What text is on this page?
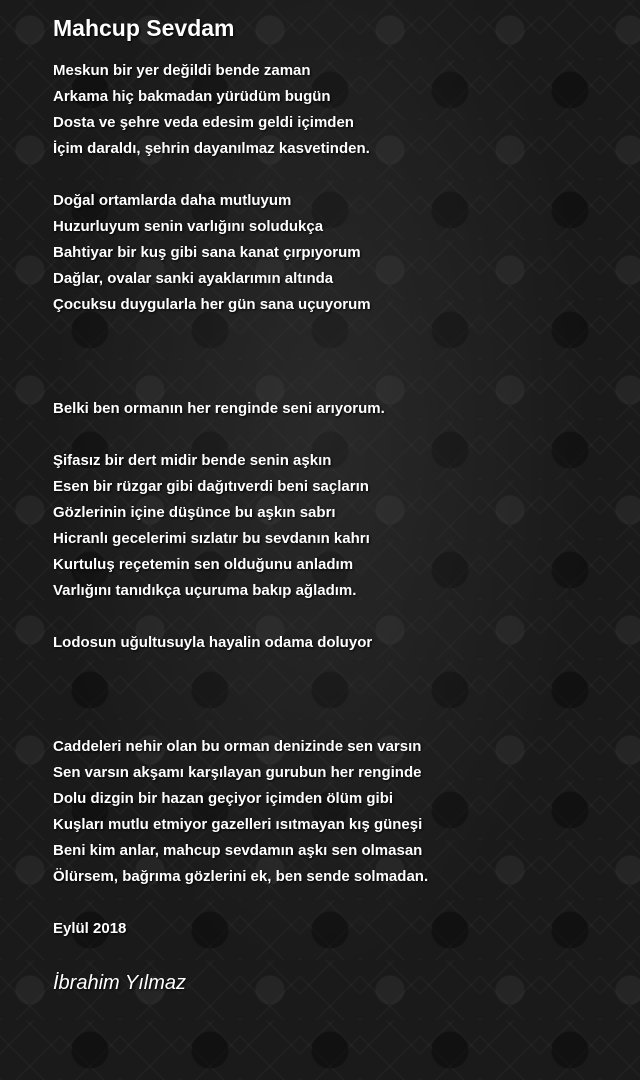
Mahcup Sevdam
Meskun bir yer değildi bende zaman
Arkama hiç bakmadan yürüdüm bugün
Dosta ve şehre veda edesim geldi içimden
İçim daraldı, şehrin dayanılmaz kasvetinden.
Doğal ortamlarda daha mutluyum
Huzurluyum senin varlığını soludukça
Bahtiyar bir kuş gibi sana kanat çırpıyorum
Dağlar, ovalar sanki ayaklarımın altında
Çocuksu duygularla her gün sana uçuyorum
Belki ben ormanın her renginde seni arıyorum.
Şifasız bir dert midir bende senin aşkın
Esen bir rüzgar gibi dağıtıverdi beni saçların
Gözlerinin içine düşünce bu aşkın sabrı
Hicranlı gecelerimi sızlatır bu sevdanın kahrı
Kurtuluş reçetemin sen olduğunu anladım
Varlığını tanıdıkça uçuruma bakıp ağladım.
Lodosun uğultusuyla hayalin odama doluyor
Caddeleri nehir olan bu orman denizinde sen varsın
Sen varsın akşamı karşılayan gurubun her renginde
Dolu dizgin bir hazan geçiyor içimden ölüm gibi
Kuşları mutlu etmiyor gazelleri ısıtmayan kış güneşi
Beni kim anlar, mahcup sevdamın aşkı sen olmasan
Ölürsem, bağrıma gözlerini ek, ben sende solmadan.
Eylül 2018
İbrahim Yılmaz
